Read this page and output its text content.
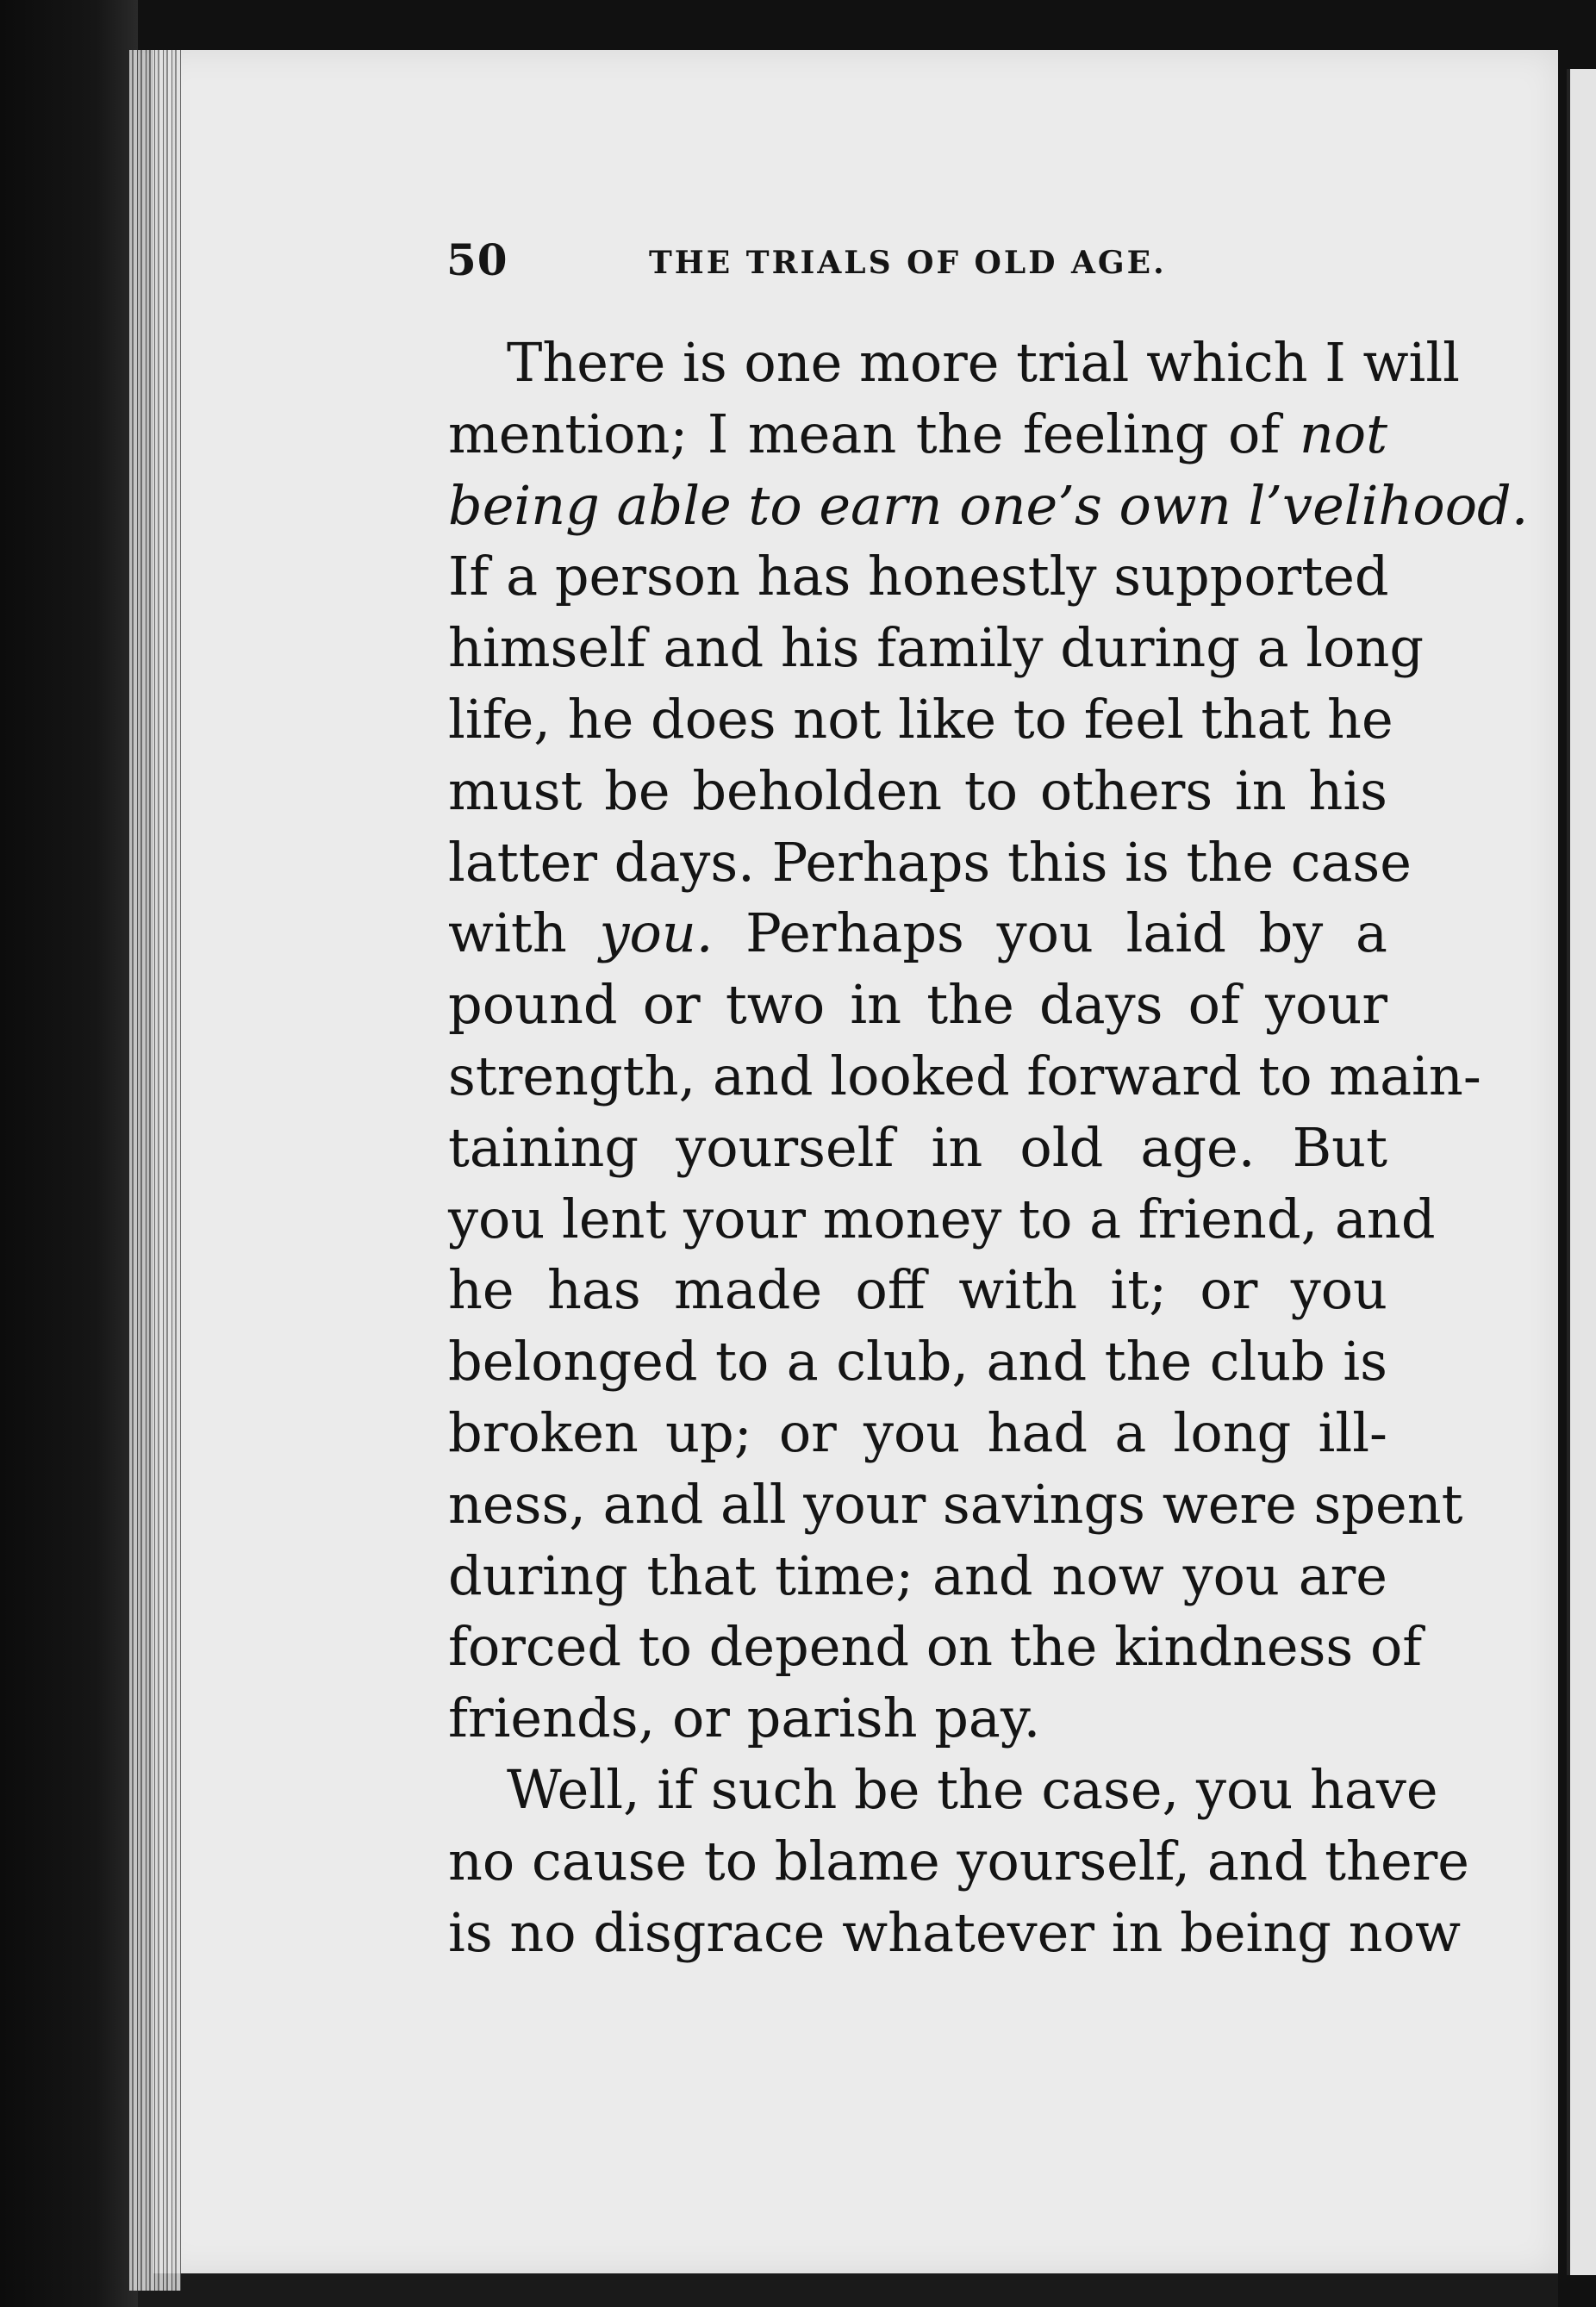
50	THE TRIALS OF OLD AGE.
There is one more trial which I will
mention; I mean the feeling of not
being able to earn one’s own l’velihood.
If a person has honestly supported
himself and his family during a long
life, he does not like to feel that he
must be beholden to others in his
latter days. Perhaps this is the case
with you. Perhaps you laid by a
pound or two in the days of your
strength, and looked forward to main-
taining yourself in old age. But
you lent your money to a friend, and
he has made off with it; or you
belonged to a club, and the club is
broken up; or you had a long ill-
ness, and all your savings were spent
during that time; and now you are
forced to depend on the kindness of
friends, or parish pay.
Well, if such be the case, you have
no cause to blame yourself, and there
is no disgrace whatever in being now
